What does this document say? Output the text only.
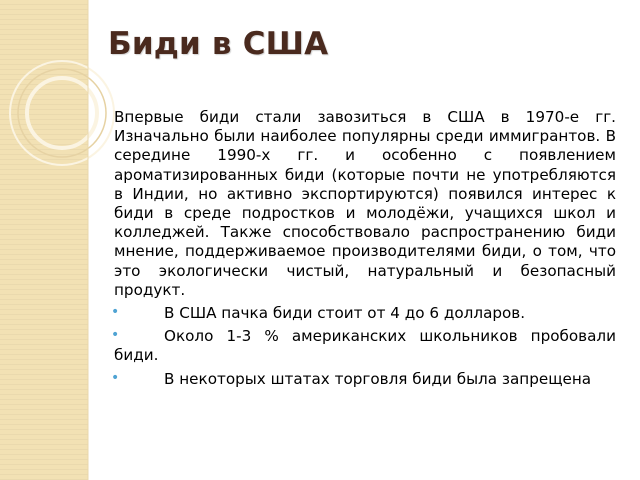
Биди в США

Впервые биди стали завозиться в США в 1970-е гг. Изначально были наиболее популярны среди иммигрантов. В середине 1990-х гг. и особенно с появлением ароматизированных биди (которые почти не употребляются в Индии, но активно экспортируются) появился интерес к биди в среде подростков и молодёжи, учащихся школ и колледжей. Также способствовало распространению биди мнение, поддерживаемое производителями биди, о том, что это экологически чистый, натуральный и безопасный продукт.

•	В США пачка биди стоит от 4 до 6 долларов.
•	Около 1-3 % американских школьников пробовали биди.
•	В некоторых штатах торговля биди была запрещена
